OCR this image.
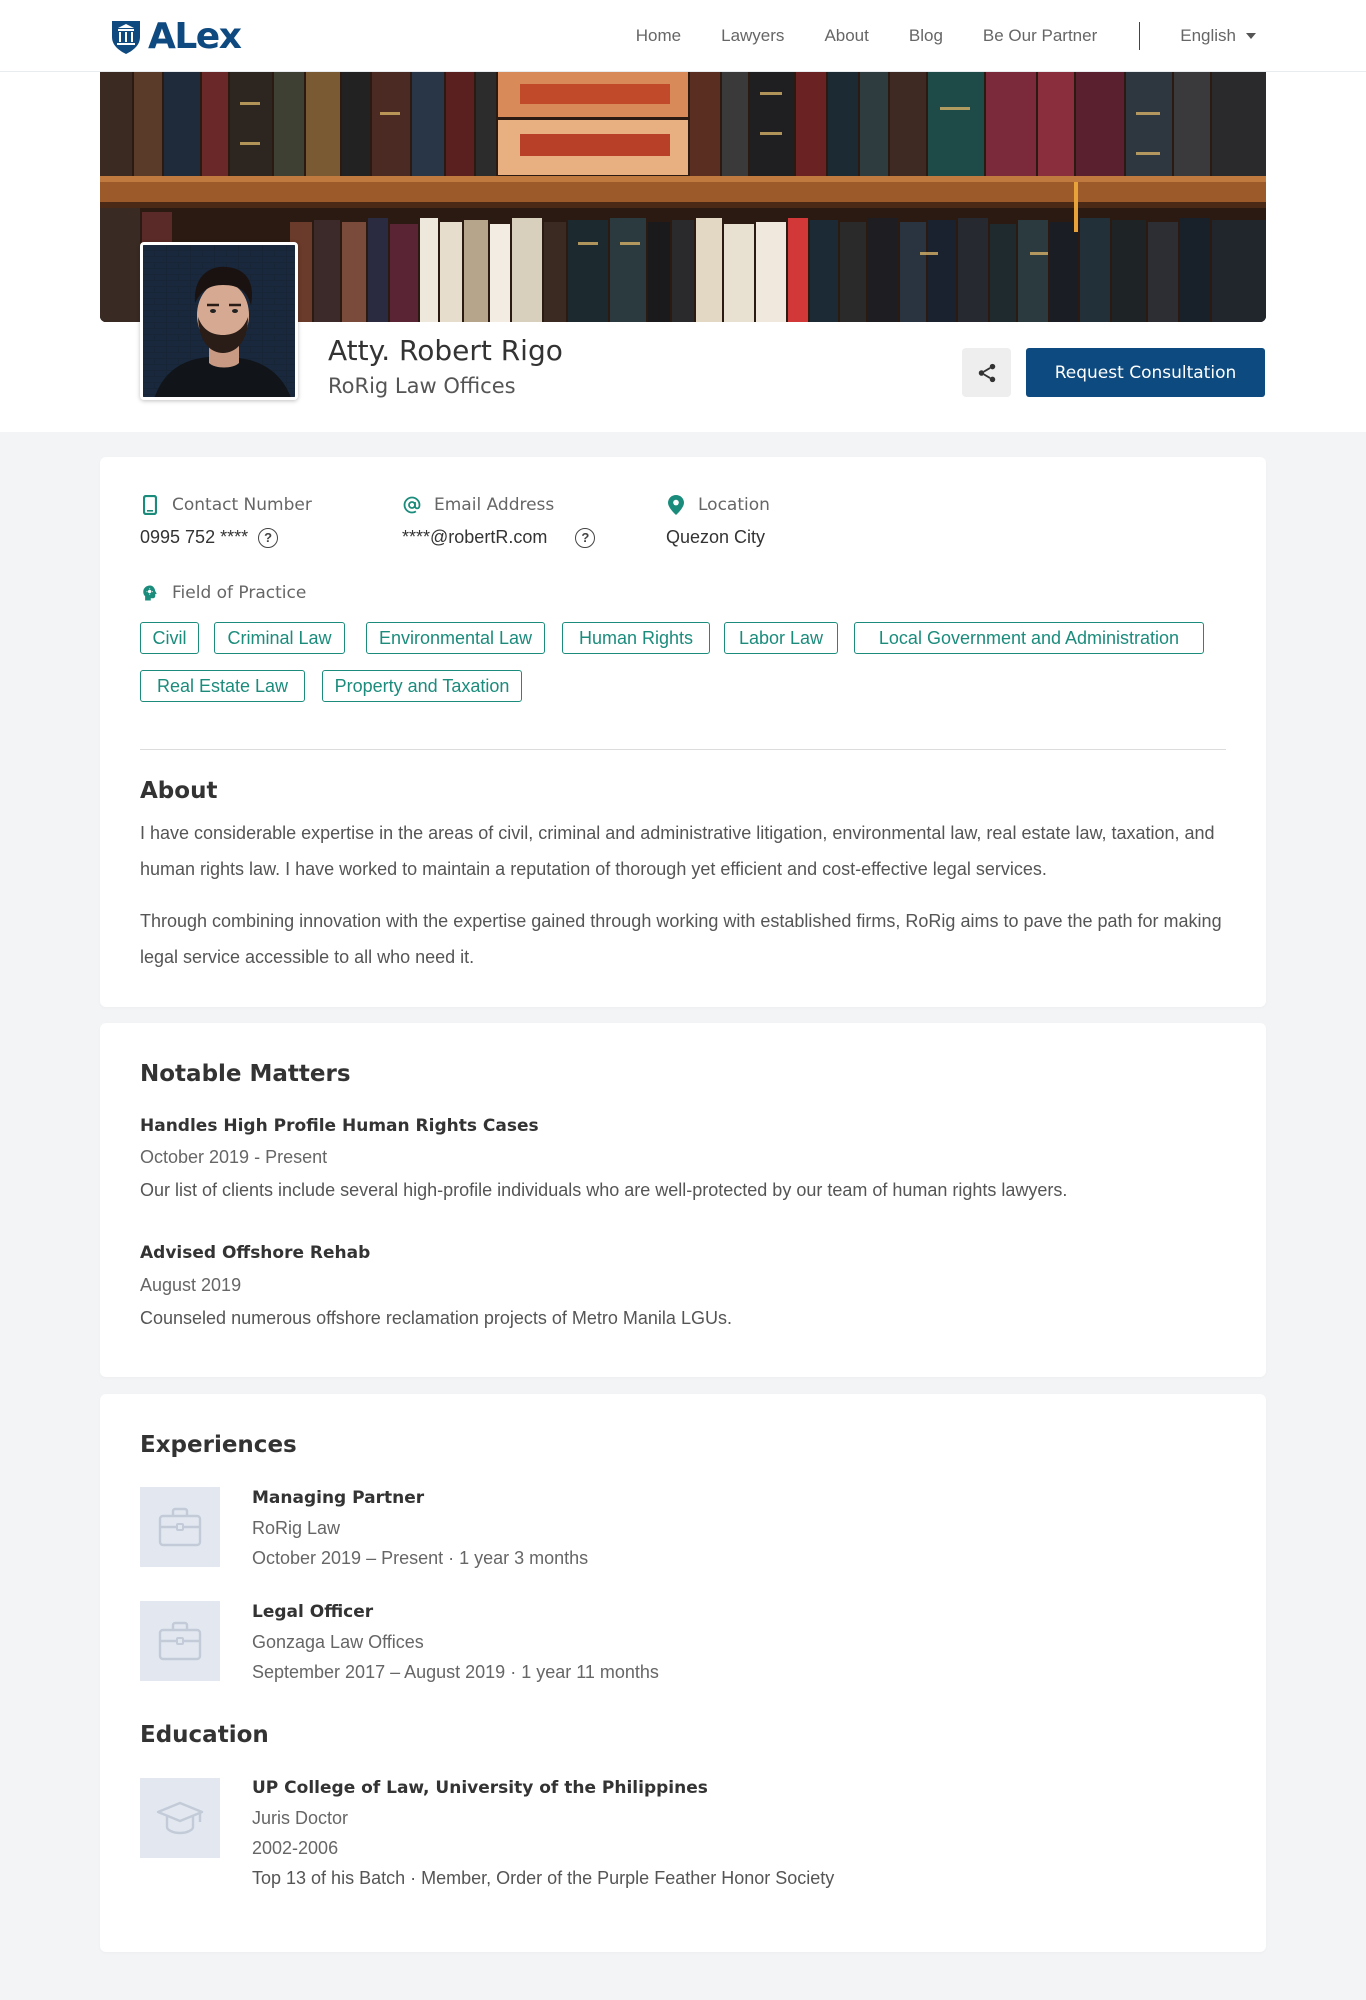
ALex	Home Lawyers About Blog Be Our Partner	English
Atty. Robert Rigo
RoRig Law Offices
Request Consultation
Contact Number
0995 752 ****	?
Email Address
****@robertR.com	?
Location
Quezon City
Field of Practice
Civil	Criminal Law	Environmental Law	Human Rights	Labor Law	Local Government and Administration
Real Estate Law	Property and Taxation
About

I have considerable expertise in the areas of civil, criminal and administrative litigation, environmental law, real estate law, taxation, and human rights law. I have worked to maintain a reputation of thorough yet efficient and cost-effective legal services.

Through combining innovation with the expertise gained through working with established firms, RoRig aims to pave the path for making legal service accessible to all who need it.

Notable Matters
Handles High Profile Human Rights Cases
October 2019 - Present
Our list of clients include several high-profile individuals who are well-protected by our team of human rights lawyers.
Advised Offshore Rehab
August 2019
Counseled numerous offshore reclamation projects of Metro Manila LGUs.
Experiences
Managing Partner
RoRig Law
October 2019 – Present · 1 year 3 months
Legal Officer
Gonzaga Law Offices
September 2017 – August 2019 · 1 year 11 months
Education
UP College of Law, University of the Philippines
Juris Doctor
2002-2006
Top 13 of his Batch · Member, Order of the Purple Feather Honor Society
